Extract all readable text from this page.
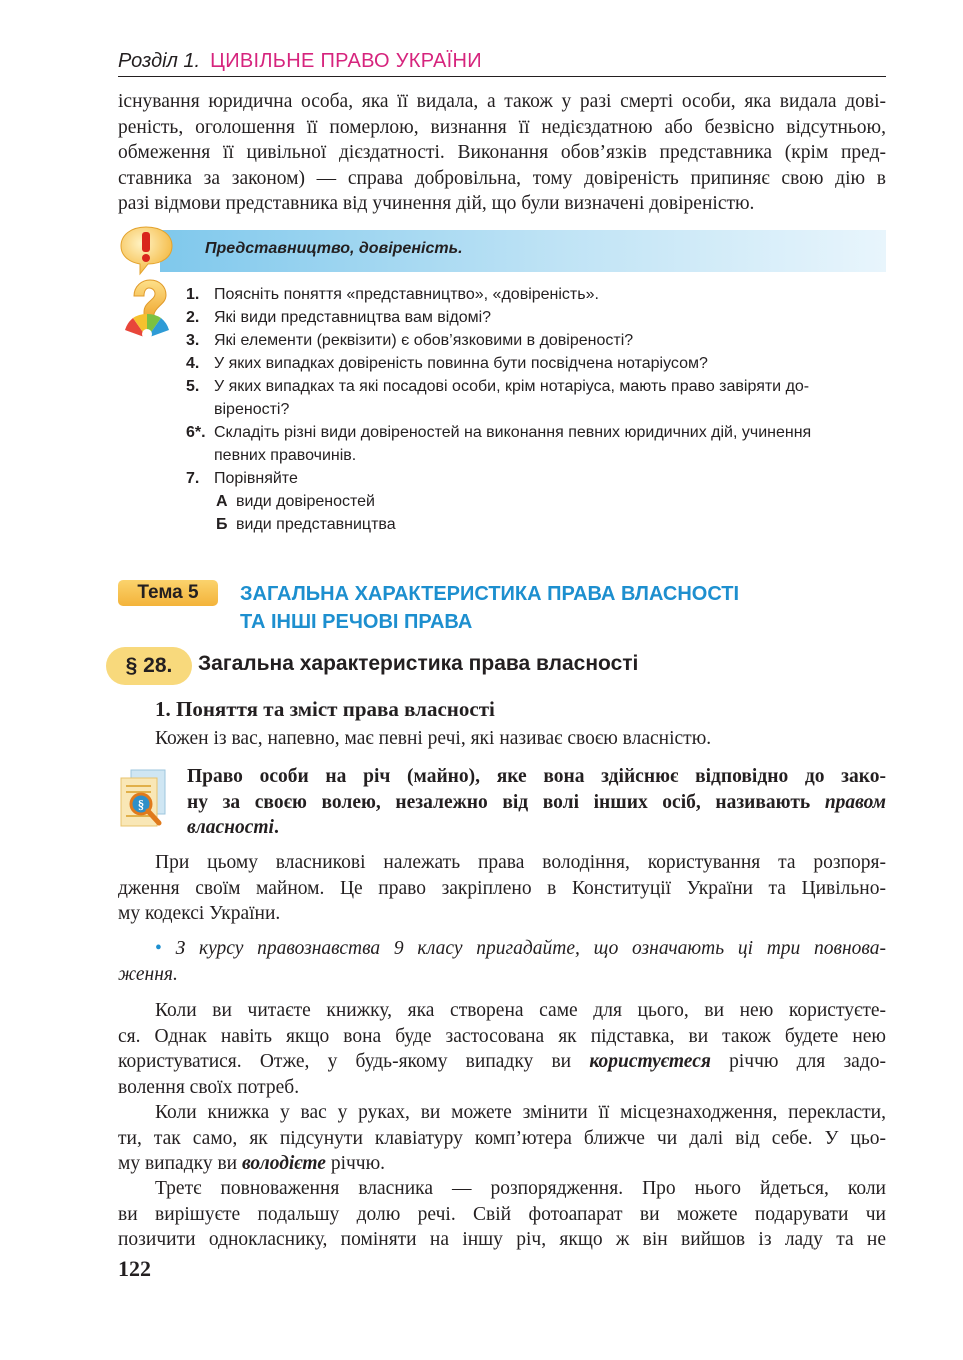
Розділ 1. ЦИВІЛЬНЕ ПРАВО УКРАЇНИ
існування юридична особа, яка її видала, а також у разі смерті особи, яка видала дові-
реність, оголошення її померлою, визнання її недієздатною або безвісно відсутньою,
обмеження її цивільної дієздатності. Виконання обов’язків представника (крім пред-
ставника за законом) — справа добровільна, тому довіреність припиняє свою дію в
разі відмови представника від учинення дій, що були визначені довіреністю.
Представництво, довіреність.
1. Поясніть поняття «представництво», «довіреність».
2. Які види представництва вам відомі?
3. Які елементи (реквізити) є обов’язковими в довіреності?
4. У яких випадках довіреність повинна бути посвідчена нотаріусом?
5. У яких випадках та які посадові особи, крім нотаріуса, мають право завіряти до-
віреності?
6*. Складіть різні види довіреностей на виконання певних юридичних дій, учинення
певних правочинів.
7. Порівняйте
А види довіреностей
Б види представництва
Тема 5	ЗАГАЛЬНА ХАРАКТЕРИСТИКА ПРАВА ВЛАСНОСТІ
ТА ІНШІ РЕЧОВІ ПРАВА
§ 28.	Загальна характеристика права власності
1. Поняття та зміст права власності
Кожен із вас, напевно, має певні речі, які називає своєю власністю.
§
Право особи на річ (майно), яке вона здійснює відповідно до зако-
ну за своєю волею, незалежно від волі інших осіб, називають правом
власності.
При цьому власникові належать права володіння, користування та розпоря-
дження своїм майном. Це право закріплено в Конституції України та Цивільно-
му кодексі України.
• З курсу правознавства 9 класу пригадайте, що означають ці три повнова-
ження.
Коли ви читаєте книжку, яка створена саме для цього, ви нею користуєте-
ся. Однак навіть якщо вона буде застосована як підставка, ви також будете нею
користуватися. Отже, у будь-якому випадку ви користуєтеся річчю для задо-
волення своїх потреб.
Коли книжка у вас у руках, ви можете змінити її місцезнаходження, перекласти,
ти, так само, як підсунути клавіатуру комп’ютера ближче чи далі від себе. У цьо-
му випадку ви володієте річчю.
Третє повноваження власника — розпорядження. Про нього йдеться, коли
ви вирішуєте подальшу долю речі. Свій фотоапарат ви можете подарувати чи
позичити однокласнику, поміняти на іншу річ, якщо ж він вийшов із ладу та не
122
